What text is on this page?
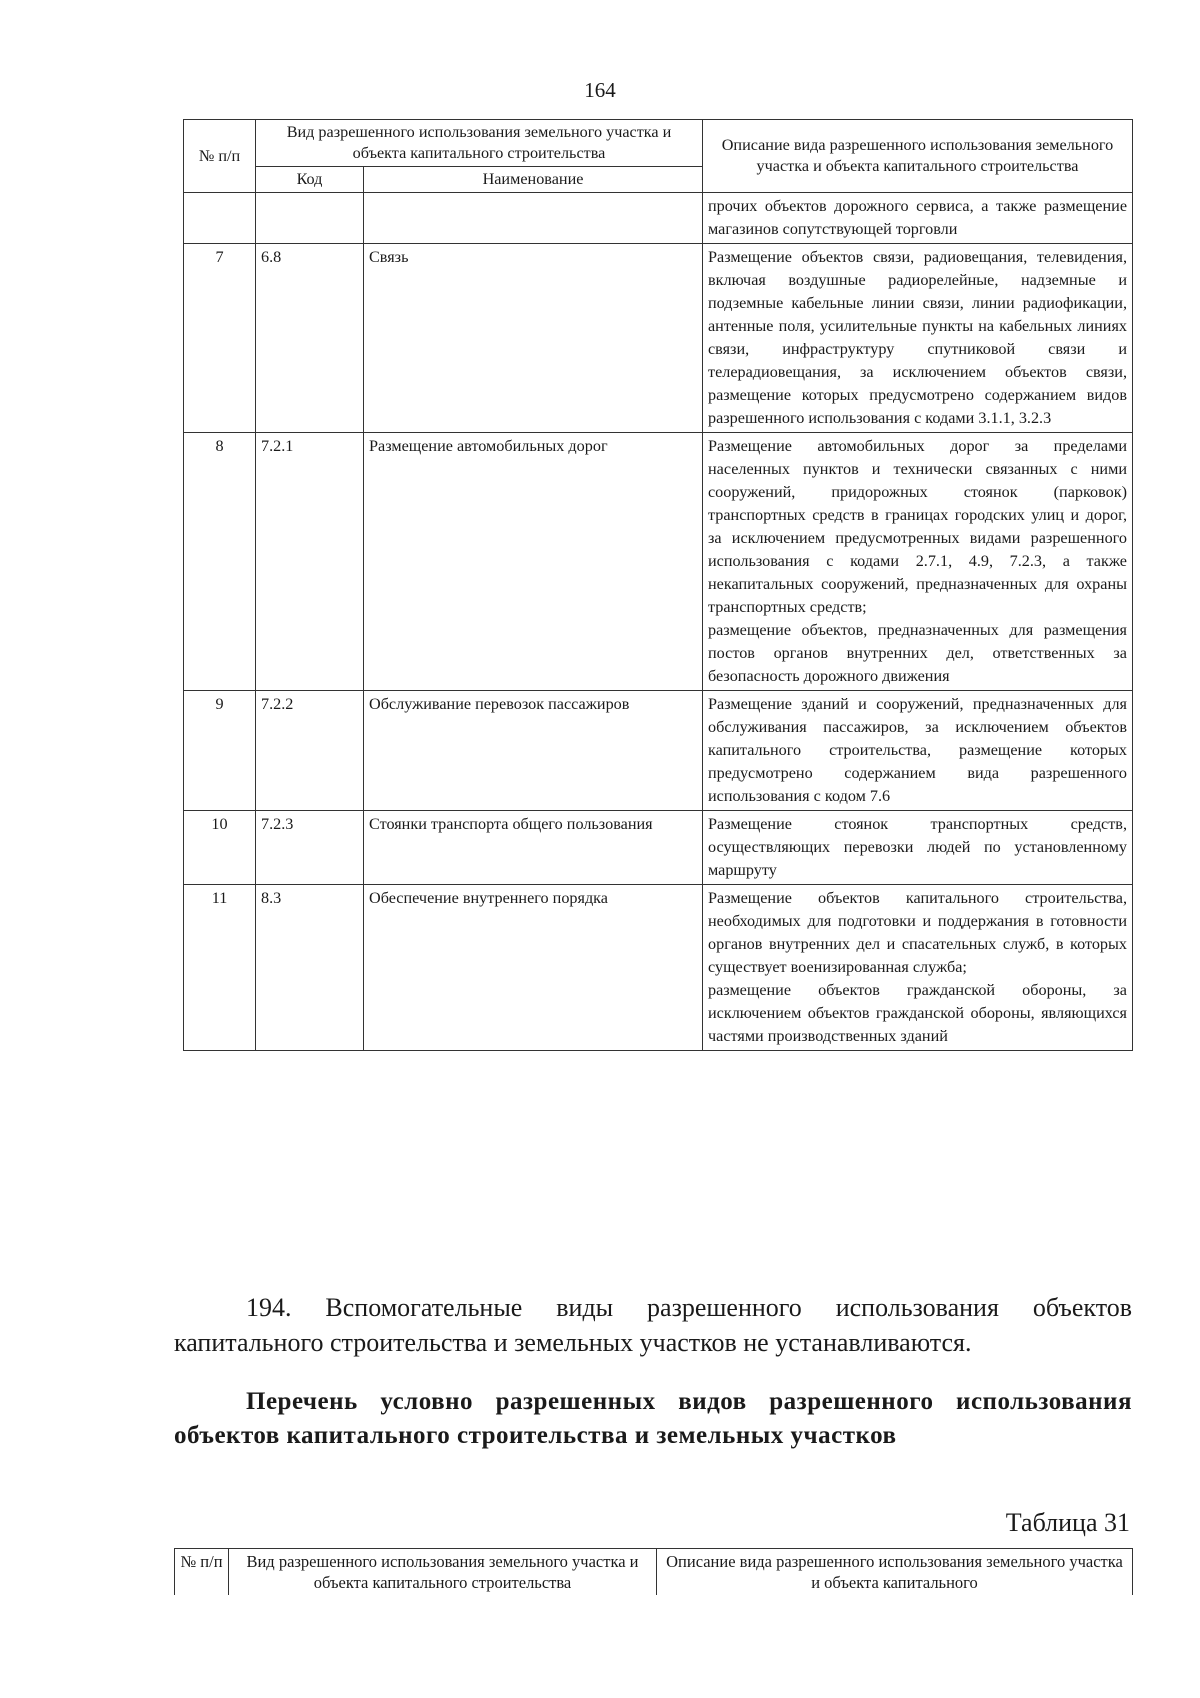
164
№ п/п	Вид разрешенного использования земельного участка и объекта капитального строительства		Описание вида разрешенного использования земельного участка и объекта капитального строительства
	Код	Наименование	
			прочих объектов дорожного сервиса, а также размещение магазинов сопутствующей торговли
7	6.8	Связь	Размещение объектов связи, радиовещания, телевидения, включая воздушные радиорелейные, надземные и подземные кабельные линии связи, линии радиофикации, антенные поля, усилительные пункты на кабельных линиях связи, инфраструктуру спутниковой связи и телерадиовещания, за исключением объектов связи, размещение которых предусмотрено содержанием видов разрешенного использования с кодами 3.1.1, 3.2.3
8	7.2.1	Размещение автомобильных дорог	Размещение автомобильных дорог за пределами населенных пунктов и технически связанных с ними сооружений, придорожных стоянок (парковок) транспортных средств в границах городских улиц и дорог, за исключением предусмотренных видами разрешенного использования с кодами 2.7.1, 4.9, 7.2.3, а также некапитальных сооружений, предназначенных для охраны транспортных средств;
размещение объектов, предназначенных для размещения постов органов внутренних дел, ответственных за безопасность дорожного движения

9	7.2.2	Обслуживание перевозок пассажиров	Размещение зданий и сооружений, предназначенных для обслуживания пассажиров, за исключением объектов капитального строительства, размещение которых предусмотрено содержанием вида разрешенного использования с кодом 7.6
10	7.2.3	Стоянки транспорта общего пользования	Размещение стоянок транспортных средств, осуществляющих перевозки людей по установленному маршруту
11	8.3	Обеспечение внутреннего порядка	Размещение объектов капитального строительства, необходимых для подготовки и поддержания в готовности органов внутренних дел и спасательных служб, в которых существует военизированная служба;
размещение объектов гражданской обороны, за исключением объектов гражданской обороны, являющихся частями производственных зданий

194. Вспомогательные виды разрешенного использования объектов капитального строительства и земельных участков не устанавливаются.

Перечень условно разрешенных видов разрешенного использования объектов капитального строительства и земельных участков

Таблица 31
№ п/п	Вид разрешенного использования земельного участка и объекта капитального строительства	Описание вида разрешенного использования земельного участка и объекта капитального
